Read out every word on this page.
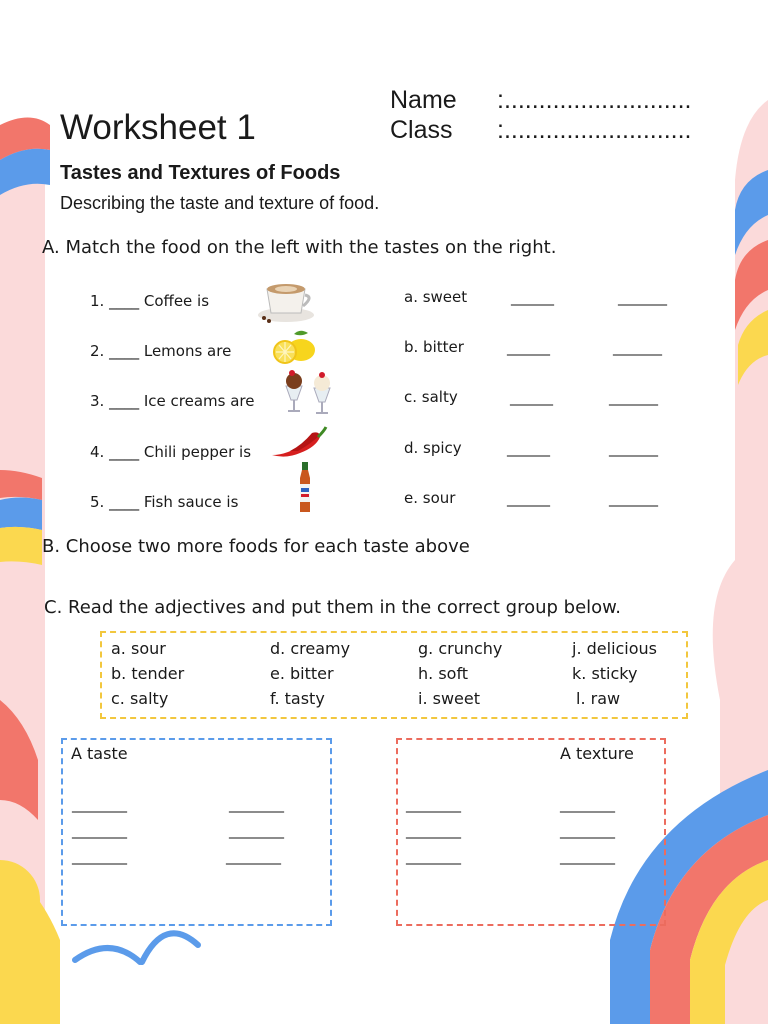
Worksheet 1
Name :...........................
Class :...........................
Tastes and Textures of Foods
Describing the taste and texture of food.
A. Match the food on the left with the tastes on the right.
1. ____ Coffee is
2. ____ Lemons are
3. ____ Ice creams are
4. ____ Chili pepper is
5. ____ Fish sauce is
a. sweet	_______	________
b. bitter	_______	________
c. salty	_______	________
d. spicy	_______	________
e. sour	_______	________
B. Choose two more foods for each taste above
C. Read the adjectives and put them in the correct group below.
a. sour	d. creamy	g. crunchy	j. delicious
b. tender	e. bitter	h. soft	k. sticky
c. salty	f. tasty	i. sweet	l. raw
A taste
_________	_________
_________	_________
_________	_________
A texture
_________	_________
_________	_________
_________	_________
